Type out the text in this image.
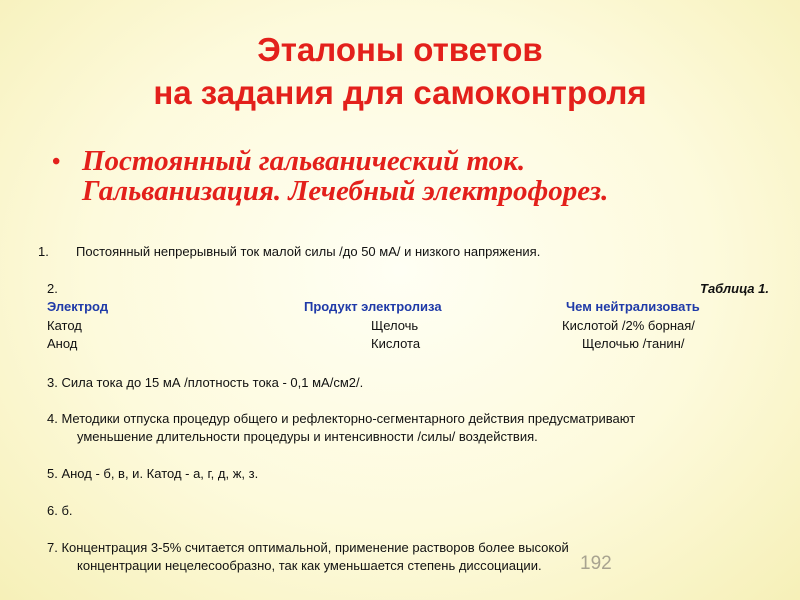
Эталоны ответов
на задания для самоконтроля
• Постоянный гальванический ток.
Гальванизация. Лечебный электрофорез.
1. Постоянный непрерывный ток малой силы /до 50 мА/ и низкого напряжения.
2.	Таблица 1.
Электрод	Продукт электролиза	Чем нейтрализовать
Катод	Щелочь	Кислотой /2% борная/
Анод	Кислота	Щелочью /танин/
3. Сила тока до 15 мА /плотность тока - 0,1 мА/см2/.
4. Методики отпуска процедур общего и рефлекторно-сегментарного действия предусматривают
уменьшение длительности процедуры и интенсивности /силы/ воздействия.
5. Анод - б, в, и. Катод - а, г, д, ж, з.
6. б.
7. Концентрация 3-5% считается оптимальной, применение растворов более высокой
концентрации нецелесообразно, так как уменьшается степень диссоциации. 192
